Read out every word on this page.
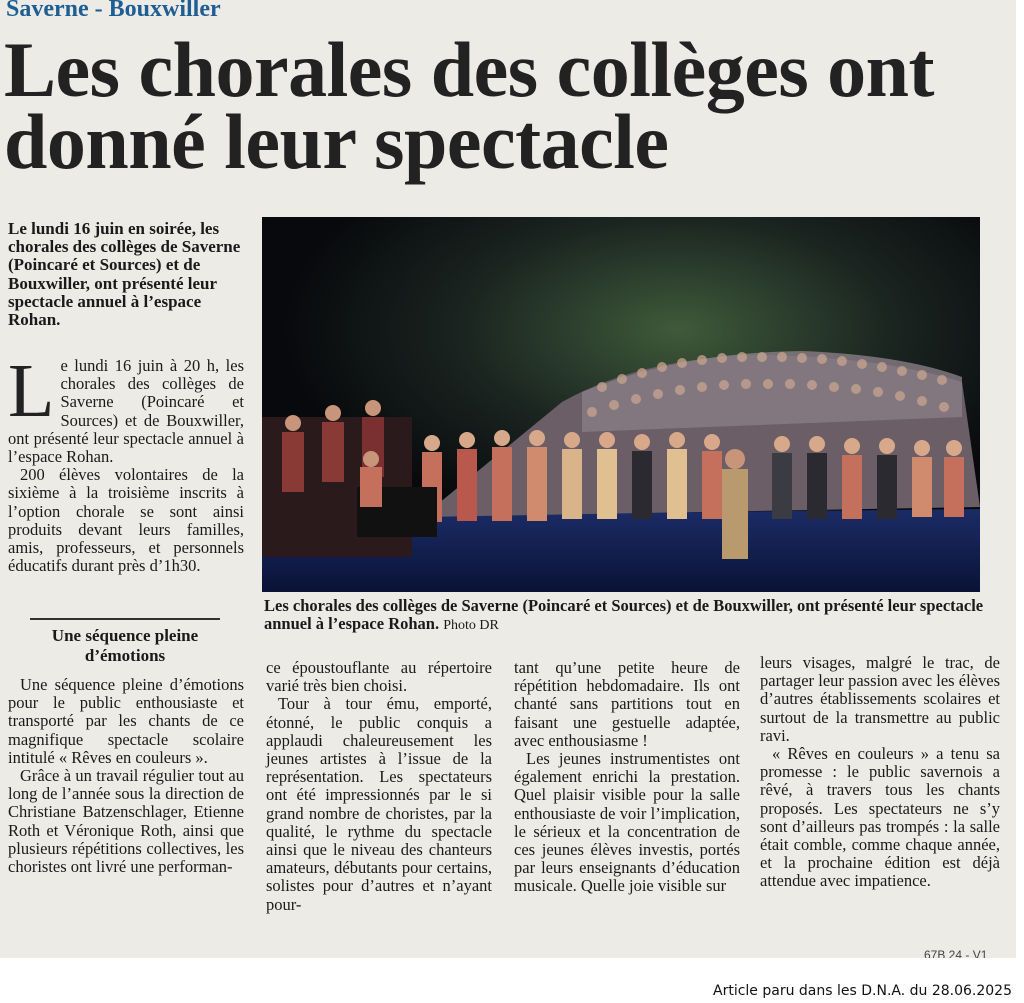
Saverne - Bouxwiller
Les chorales des collèges ont donné leur spectacle
Le lundi 16 juin en soirée, les chorales des collèges de Saverne (Poincaré et Sources) et de Bouxwiller, ont présenté leur spectacle annuel à l’espace Rohan.

Le lundi 16 juin à 20 h, les chorales des collèges de Saverne (Poincaré et Sources) et de Bouxwiller, ont présenté leur spectacle annuel à l’espace Rohan.

200 élèves volontaires de la sixième à la troisième inscrits à l’option chorale se sont ainsi produits devant leurs familles, amis, professeurs, et personnels éducatifs durant près d’1h30.

Une séquence pleine d’émotions

Une séquence pleine d’émotions pour le public enthousiaste et transporté par les chants de ce magnifique spectacle scolaire intitulé « Rêves en couleurs ».

Grâce à un travail régulier tout au long de l’année sous la direction de Christiane Batzenschlager, Etienne Roth et Véronique Roth, ainsi que plusieurs répétitions collectives, les choristes ont livré une performan-

Les chorales des collèges de Saverne (Poincaré et Sources) et de Bouxwiller, ont présenté leur spectacle annuel à l’espace Rohan. Photo DR

ce époustouflante au répertoire varié très bien choisi.

Tour à tour ému, emporté, étonné, le public conquis a applaudi chaleureusement les jeunes artistes à l’issue de la représentation. Les spectateurs ont été impressionnés par le si grand nombre de choristes, par la qualité, le rythme du spectacle ainsi que le niveau des chanteurs amateurs, débutants pour certains, solistes pour d’autres et n’ayant pour-

tant qu’une petite heure de répétition hebdomadaire. Ils ont chanté sans partitions tout en faisant une gestuelle adaptée, avec enthousiasme !

Les jeunes instrumentistes ont également enrichi la prestation. Quel plaisir visible pour la salle enthousiaste de voir l’implication, le sérieux et la concentration de ces jeunes élèves investis, portés par leurs enseignants d’éducation musicale. Quelle joie visible sur

leurs visages, malgré le trac, de partager leur passion avec les élèves d’autres établissements scolaires et surtout de la transmettre au public ravi.

« Rêves en couleurs » a tenu sa promesse : le public savernois a rêvé, à travers tous les chants proposés. Les spectateurs ne s’y sont d’ailleurs pas trompés : la salle était comble, comme chaque année, et la prochaine édition est déjà attendue avec impatience.

67B 24 - V1
Article paru dans les D.N.A. du 28.06.2025
